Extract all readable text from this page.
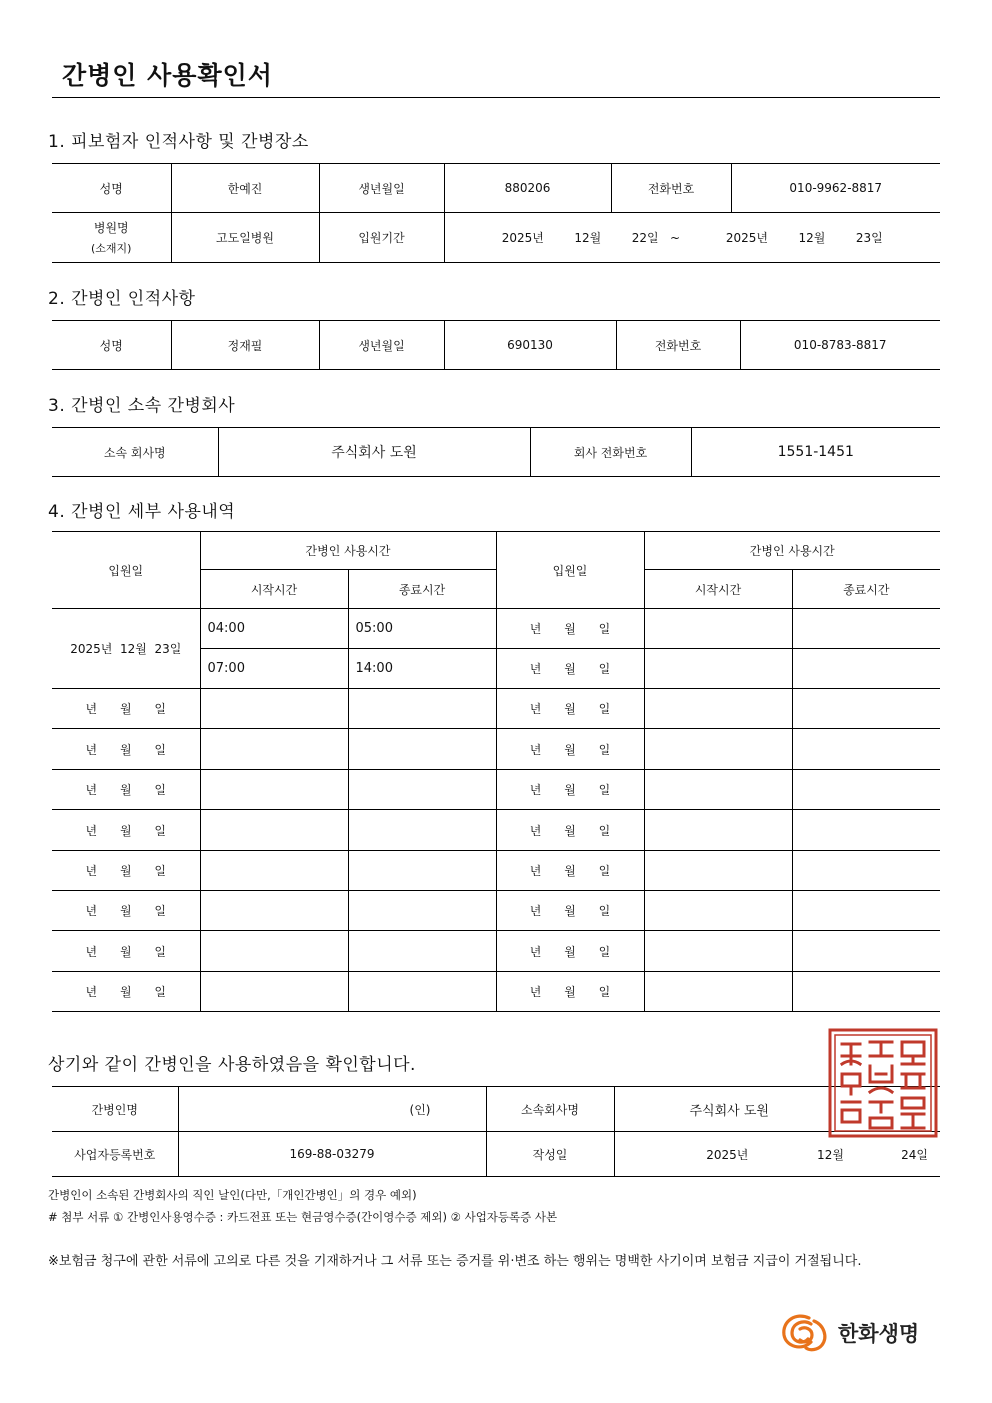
간병인 사용확인서
1. 피보험자 인적사항 및 간병장소
성명	한예진	생년월일	880206	전화번호	010-9962-8817

병원명
(소재지)	고도일병원	입원기간	2025년        12월        22일   ~            2025년        12월        23일		
2. 간병인 인적사항
성명	정재필	생년월일	690130	전화번호	010-8783-8817
3. 간병인 소속 간병회사
소속 회사명	주식회사 도원	회사 전화번호	1551-1451
4. 간병인 세부 사용내역
입원일	간병인 사용시간		입원일	간병인 사용시간	
	시작시간	종료시간		시작시간	종료시간
2025년  12월  23일	04:00	05:00	년      월      일		
	07:00	14:00	년      월      일		
년      월      일			년      월      일		
년      월      일			년      월      일		
년      월      일			년      월      일		
년      월      일			년      월      일		
년      월      일			년      월      일		
년      월      일			년      월      일		
년      월      일			년      월      일		
년      월      일			년      월      일		
상기와 같이 간병인을 사용하였음을 확인합니다.
간병인명	(인)	소속회사명	주식회사 도원
사업자등록번호	169-88-03279	작성일	2025년                  12월               24일
간병인이 소속된 간병회사의 직인 날인(다만,「개인간병인」의 경우 예외)
# 첨부 서류 ① 간병인사용영수증 : 카드전표 또는 현금영수증(간이영수증 제외) ② 사업자등록증 사본
※보험금 청구에 관한 서류에 고의로 다른 것을 기재하거나 그 서류 또는 증거를 위·변조 하는 행위는 명백한 사기이며 보험금 지급이 거절됩니다.
한화생명
